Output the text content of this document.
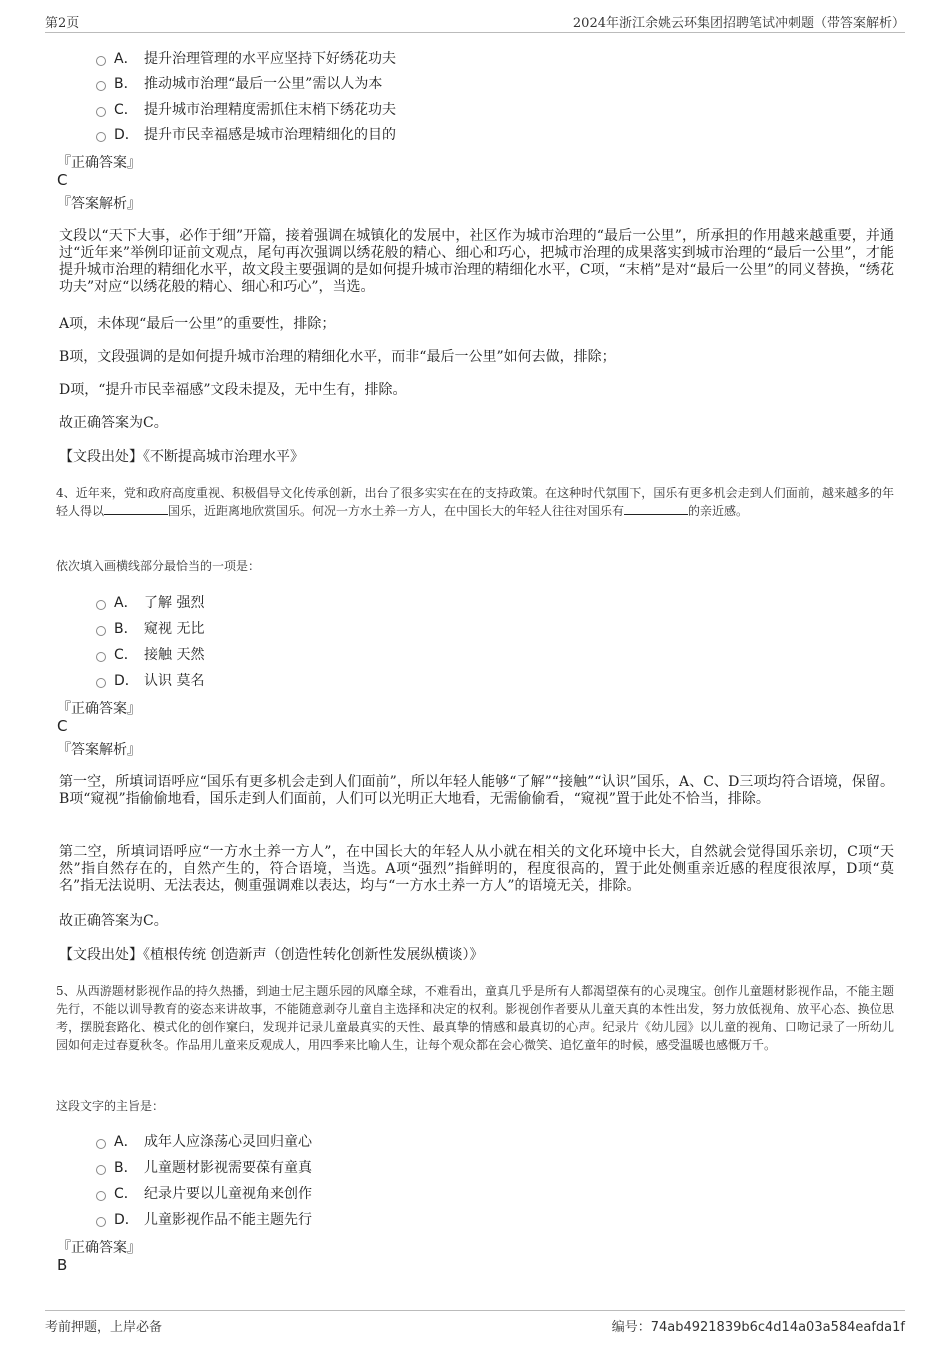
第2页	2024年浙江余姚云环集团招聘笔试冲刺题（带答案解析）
A． 提升治理管理的水平应坚持下好绣花功夫
B． 推动城市治理“最后一公里”需以人为本
C． 提升城市治理精度需抓住末梢下绣花功夫
D． 提升市民幸福感是城市治理精细化的目的
『正确答案』
C
『答案解析』
文段以“天下大事，必作于细”开篇，接着强调在城镇化的发展中，社区作为城市治理的“最后一公里”，所承担的作用越来越重要，并通过“近年来”举例印证前文观点，尾句再次强调以绣花般的精心、细心和巧心，把城市治理的成果落实到城市治理的“最后一公里”，才能提升城市治理的精细化水平，故文段主要强调的是如何提升城市治理的精细化水平，C项，“末梢”是对“最后一公里”的同义替换，“绣花功夫”对应“以绣花般的精心、细心和巧心”，当选。
A项，未体现“最后一公里”的重要性，排除；
B项，文段强调的是如何提升城市治理的精细化水平，而非“最后一公里”如何去做，排除；
D项，“提升市民幸福感”文段未提及，无中生有，排除。
故正确答案为C。
【文段出处】《不断提高城市治理水平》
4、近年来，党和政府高度重视、积极倡导文化传承创新，出台了很多实实在在的支持政策。在这种时代氛围下，国乐有更多机会走到人们面前，越来越多的年轻人得以	国乐，近距离地欣赏国乐。何况一方水土养一方人，在中国长大的年轻人往往对国乐有	的亲近感。
依次填入画横线部分最恰当的一项是：
A． 了解 强烈
B． 窥视 无比
C． 接触 天然
D． 认识 莫名
『正确答案』
C
『答案解析』
第一空，所填词语呼应“国乐有更多机会走到人们面前”，所以年轻人能够“了解”“接触”“认识”国乐，A、C、D三项均符合语境，保留。B项“窥视”指偷偷地看，国乐走到人们面前，人们可以光明正大地看，无需偷偷看，“窥视”置于此处不恰当，排除。
第二空，所填词语呼应“一方水土养一方人”，在中国长大的年轻人从小就在相关的文化环境中长大，自然就会觉得国乐亲切，C项“天然”指自然存在的，自然产生的，符合语境，当选。A项“强烈”指鲜明的，程度很高的，置于此处侧重亲近感的程度很浓厚，D项“莫名”指无法说明、无法表达，侧重强调难以表达，均与“一方水土养一方人”的语境无关，排除。
故正确答案为C。
【文段出处】《植根传统 创造新声（创造性转化创新性发展纵横谈）》
5、从西游题材影视作品的持久热播，到迪士尼主题乐园的风靡全球，不难看出，童真几乎是所有人都渴望葆有的心灵瑰宝。创作儿童题材影视作品，不能主题先行，不能以训导教育的姿态来讲故事，不能随意剥夺儿童自主选择和决定的权利。影视创作者要从儿童天真的本性出发，努力放低视角、放平心态、换位思考，摆脱套路化、模式化的创作窠臼，发现并记录儿童最真实的天性、最真挚的情感和最真切的心声。纪录片《幼儿园》以儿童的视角、口吻记录了一所幼儿园如何走过春夏秋冬。作品用儿童来反观成人，用四季来比喻人生，让每个观众都在会心微笑、追忆童年的时候，感受温暖也感慨万千。
这段文字的主旨是：
A． 成年人应涤荡心灵回归童心
B． 儿童题材影视需要葆有童真
C． 纪录片要以儿童视角来创作
D． 儿童影视作品不能主题先行
『正确答案』
B
考前押题，上岸必备	编号：74ab4921839b6c4d14a03a584eafda1f
